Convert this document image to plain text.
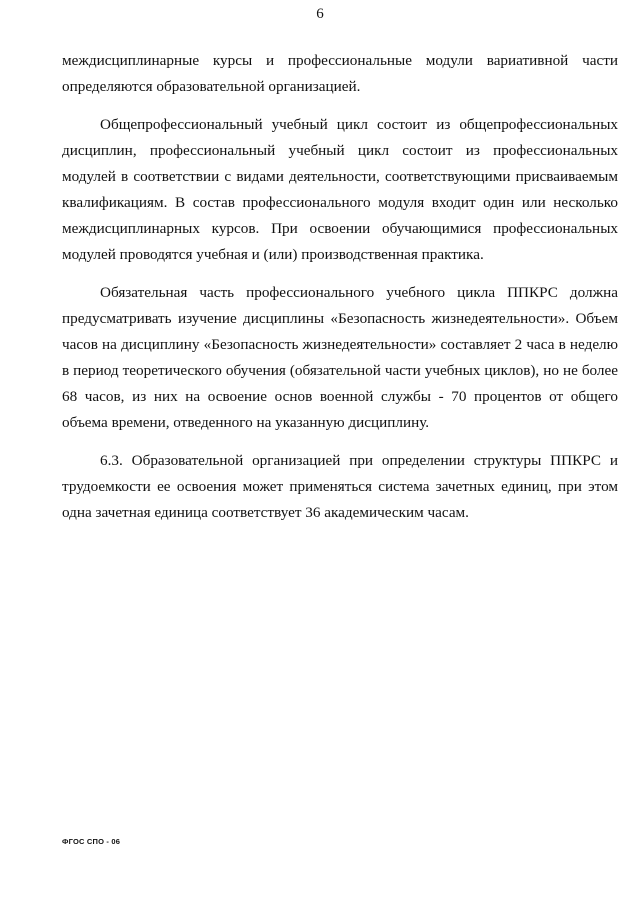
6

междисциплинарные курсы и профессиональные модули вариативной части определяются образовательной организацией.

Общепрофессиональный учебный цикл состоит из общепрофессиональных дисциплин, профессиональный учебный цикл состоит из профессиональных модулей в соответствии с видами деятельности, соответствующими присваиваемым квалификациям. В состав профессионального модуля входит один или несколько междисциплинарных курсов. При освоении обучающимися профессиональных модулей проводятся учебная и (или) производственная практика.

Обязательная часть профессионального учебного цикла ППКРС должна предусматривать изучение дисциплины «Безопасность жизнедеятельности». Объем часов на дисциплину «Безопасность жизнедеятельности» составляет 2 часа в неделю в период теоретического обучения (обязательной части учебных циклов), но не более 68 часов, из них на освоение основ военной службы - 70 процентов от общего объема времени, отведенного на указанную дисциплину.

6.3. Образовательной организацией при определении структуры ППКРС и трудоемкости ее освоения может применяться система зачетных единиц, при этом одна зачетная единица соответствует 36 академическим часам.

ФГОС СПО - 06
